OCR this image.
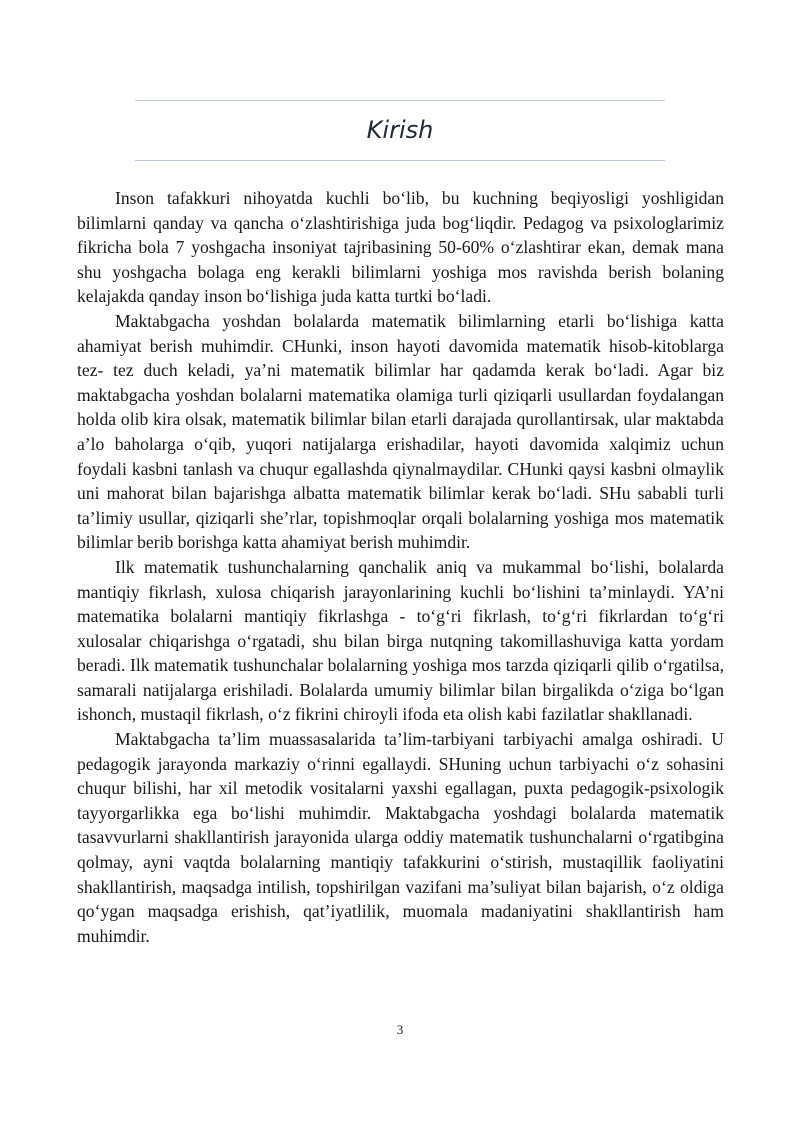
Kirish

Inson tafakkuri nihoyatda kuchli bo‘lib, bu kuchning beqiyosligi yoshligidan bilimlarni qanday va qancha o‘zlashtirishiga juda bog‘liqdir. Pedagog va psixologlarimiz fikricha bola 7 yoshgacha insoniyat tajribasining 50-60% o‘zlashtirar ekan, demak mana shu yoshgacha bolaga eng kerakli bilimlarni yoshiga mos ravishda berish bolaning kelajakda qanday inson bo‘lishiga juda katta turtki bo‘ladi.

Maktabgacha yoshdan bolalarda matematik bilimlarning etarli bo‘lishiga katta ahamiyat berish muhimdir. CHunki, inson hayoti davomida matematik hisob-kitoblarga tez- tez duch keladi, ya’ni matematik bilimlar har qadamda kerak bo‘ladi. Agar biz maktabgacha yoshdan bolalarni matematika olamiga turli qiziqarli usullardan foydalangan holda olib kira olsak, matematik bilimlar bilan etarli darajada qurollantirsak, ular maktabda a’lo baholarga o‘qib, yuqori natijalarga erishadilar, hayoti davomida xalqimiz uchun foydali kasbni tanlash va chuqur egallashda qiynalmaydilar. CHunki qaysi kasbni olmaylik uni mahorat bilan bajarishga albatta matematik bilimlar kerak bo‘ladi. SHu sababli turli ta’limiy usullar, qiziqarli she’rlar, topishmoqlar orqali bolalarning yoshiga mos matematik bilimlar berib borishga katta ahamiyat berish muhimdir.

Ilk matematik tushunchalarning qanchalik aniq va mukammal bo‘lishi, bolalarda mantiqiy fikrlash, xulosa chiqarish jarayonlarining kuchli bo‘lishini ta’minlaydi. YA’ni matematika bolalarni mantiqiy fikrlashga - to‘g‘ri fikrlash, to‘g‘ri fikrlardan to‘g‘ri xulosalar chiqarishga o‘rgatadi, shu bilan birga nutqning takomillashuviga katta yordam beradi. Ilk matematik tushunchalar bolalarning yoshiga mos tarzda qiziqarli qilib o‘rgatilsa, samarali natijalarga erishiladi. Bolalarda umumiy bilimlar bilan birgalikda o‘ziga bo‘lgan ishonch, mustaqil fikrlash, o‘z fikrini chiroyli ifoda eta olish kabi fazilatlar shakllanadi.

Maktabgacha ta’lim muassasalarida ta’lim-tarbiyani tarbiyachi amalga oshiradi. U pedagogik jarayonda markaziy o‘rinni egallaydi. SHuning uchun tarbiyachi o‘z sohasini chuqur bilishi, har xil metodik vositalarni yaxshi egallagan, puxta pedagogik-psixologik tayyorgarlikka ega bo‘lishi muhimdir. Maktabgacha yoshdagi bolalarda matematik tasavvurlarni shakllantirish jarayonida ularga oddiy matematik tushunchalarni o‘rgatibgina qolmay, ayni vaqtda bolalarning mantiqiy tafakkurini o‘stirish, mustaqillik faoliyatini shakllantirish, maqsadga intilish, topshirilgan vazifani ma’suliyat bilan bajarish, o‘z oldiga qo‘ygan maqsadga erishish, qat’iyatlilik, muomala madaniyatini shakllantirish ham muhimdir.

3
